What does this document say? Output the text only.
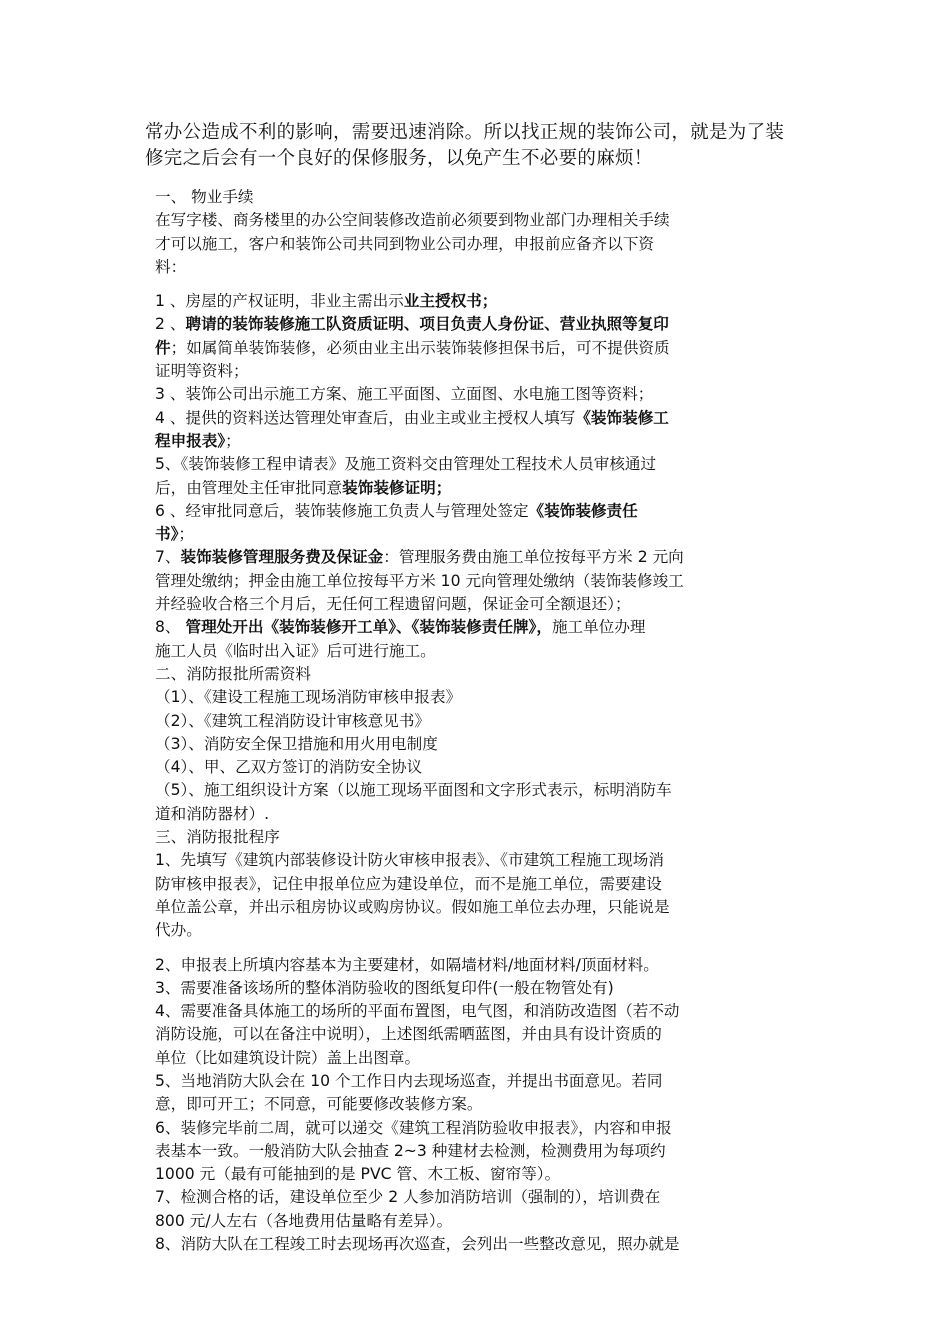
常办公造成不利的影响，需要迅速消除。所以找正规的装饰公司，就是为了装
修完之后会有一个良好的保修服务，以免产生不必要的麻烦！
一、 物业手续
在写字楼、商务楼里的办公空间装修改造前必须要到物业部门办理相关手续
才可以施工，客户和装饰公司共同到物业公司办理，申报前应备齐以下资
料：
1 、房屋的产权证明，非业主需出示业主授权书；
2 、聘请的装饰装修施工队资质证明、项目负责人身份证、营业执照等复印
件；如属简单装饰装修，必须由业主出示装饰装修担保书后，可不提供资质
证明等资料；
3 、装饰公司出示施工方案、施工平面图、立面图、水电施工图等资料；
4 、提供的资料送达管理处审查后，由业主或业主授权人填写《装饰装修工
程申报表》；
5、《装饰装修工程申请表》及施工资料交由管理处工程技术人员审核通过
后，由管理处主任审批同意装饰装修证明；
6 、经审批同意后，装饰装修施工负责人与管理处签定《装饰装修责任
书》；
7、装饰装修管理服务费及保证金：管理服务费由施工单位按每平方米 2 元向
管理处缴纳；押金由施工单位按每平方米 10 元向管理处缴纳（装饰装修竣工
并经验收合格三个月后，无任何工程遗留问题，保证金可全额退还）；
8、 管理处开出《装饰装修开工单》、《装饰装修责任牌》，施工单位办理
施工人员《临时出入证》后可进行施工。
二、消防报批所需资料
（1）、《建设工程施工现场消防审核申报表》
（2）、《建筑工程消防设计审核意见书》
（3）、消防安全保卫措施和用火用电制度
（4）、甲、乙双方签订的消防安全协议
（5）、施工组织设计方案（以施工现场平面图和文字形式表示，标明消防车
道和消防器材）.
三、消防报批程序
1、先填写《建筑内部装修设计防火审核申报表》、《市建筑工程施工现场消
防审核申报表》，记住申报单位应为建设单位，而不是施工单位，需要建设
单位盖公章，并出示租房协议或购房协议。假如施工单位去办理，只能说是
代办。
2、申报表上所填内容基本为主要建材，如隔墙材料/地面材料/顶面材料。
3、需要准备该场所的整体消防验收的图纸复印件(一般在物管处有)
4、需要准备具体施工的场所的平面布置图，电气图，和消防改造图（若不动
消防设施，可以在备注中说明），上述图纸需晒蓝图，并由具有设计资质的
单位（比如建筑设计院）盖上出图章。
5、当地消防大队会在 10 个工作日内去现场巡查，并提出书面意见。若同
意，即可开工；不同意，可能要修改装修方案。
6、装修完毕前二周，就可以递交《建筑工程消防验收申报表》，内容和申报
表基本一致。一般消防大队会抽查 2~3 种建材去检测，检测费用为每项约
1000 元（最有可能抽到的是 PVC 管、木工板、窗帘等）。
7、检测合格的话，建设单位至少 2 人参加消防培训（强制的），培训费在
800 元/人左右（各地费用估量略有差异）。
8、消防大队在工程竣工时去现场再次巡查，会列出一些整改意见，照办就是
